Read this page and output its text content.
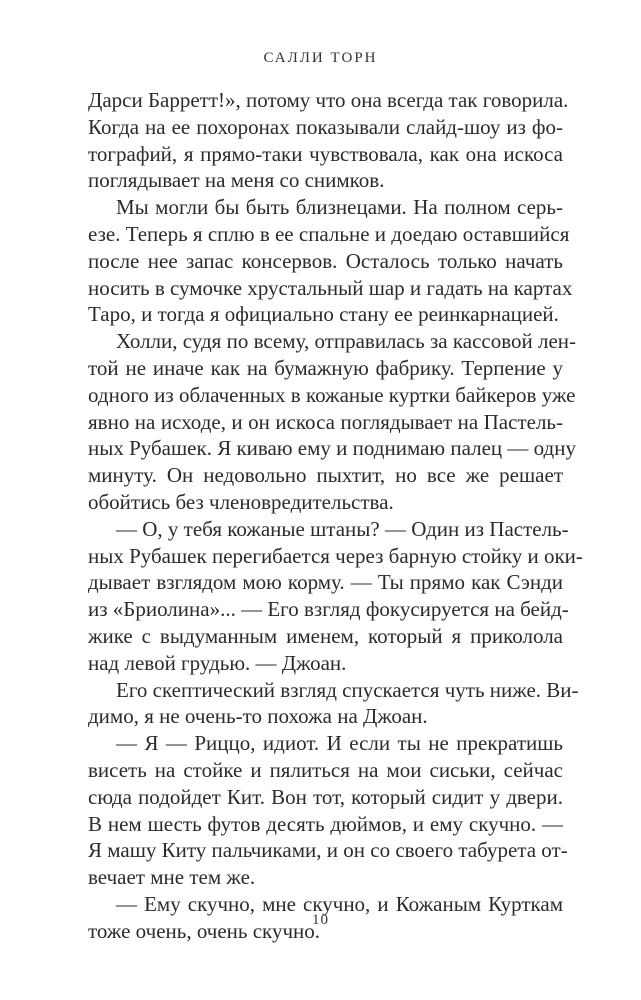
САЛЛИ ТОРН
Дарси Барретт!», потому что она всегда так говорила.
Когда на ее похоронах показывали слайд-шоу из фо-
тографий, я прямо-таки чувствовала, как она искоса
поглядывает на меня со снимков.
Мы могли бы быть близнецами. На полном серь-
езе. Теперь я сплю в ее спальне и доедаю оставшийся
после нее запас консервов. Осталось только начать
носить в сумочке хрустальный шар и гадать на картах
Таро, и тогда я официально стану ее реинкарнацией.
Холли, судя по всему, отправилась за кассовой лен-
той не иначе как на бумажную фабрику. Терпение у
одного из облаченных в кожаные куртки байкеров уже
явно на исходе, и он искоса поглядывает на Пастель-
ных Рубашек. Я киваю ему и поднимаю палец — одну
минуту. Он недовольно пыхтит, но все же решает
обойтись без членовредительства.
— О, у тебя кожаные штаны? — Один из Пастель-
ных Рубашек перегибается через барную стойку и оки-
дывает взглядом мою корму. — Ты прямо как Сэнди
из «Бриолина»... — Его взгляд фокусируется на бейд-
жике с выдуманным именем, который я приколола
над левой грудью. — Джоан.
Его скептический взгляд спускается чуть ниже. Ви-
димо, я не очень-то похожа на Джоан.
— Я — Риццо, идиот. И если ты не прекратишь
висеть на стойке и пялиться на мои сиськи, сейчас
сюда подойдет Кит. Вон тот, который сидит у двери.
В нем шесть футов десять дюймов, и ему скучно. —
Я машу Киту пальчиками, и он со своего табурета от-
вечает мне тем же.
— Ему скучно, мне скучно, и Кожаным Курткам
тоже очень, очень скучно.
10
